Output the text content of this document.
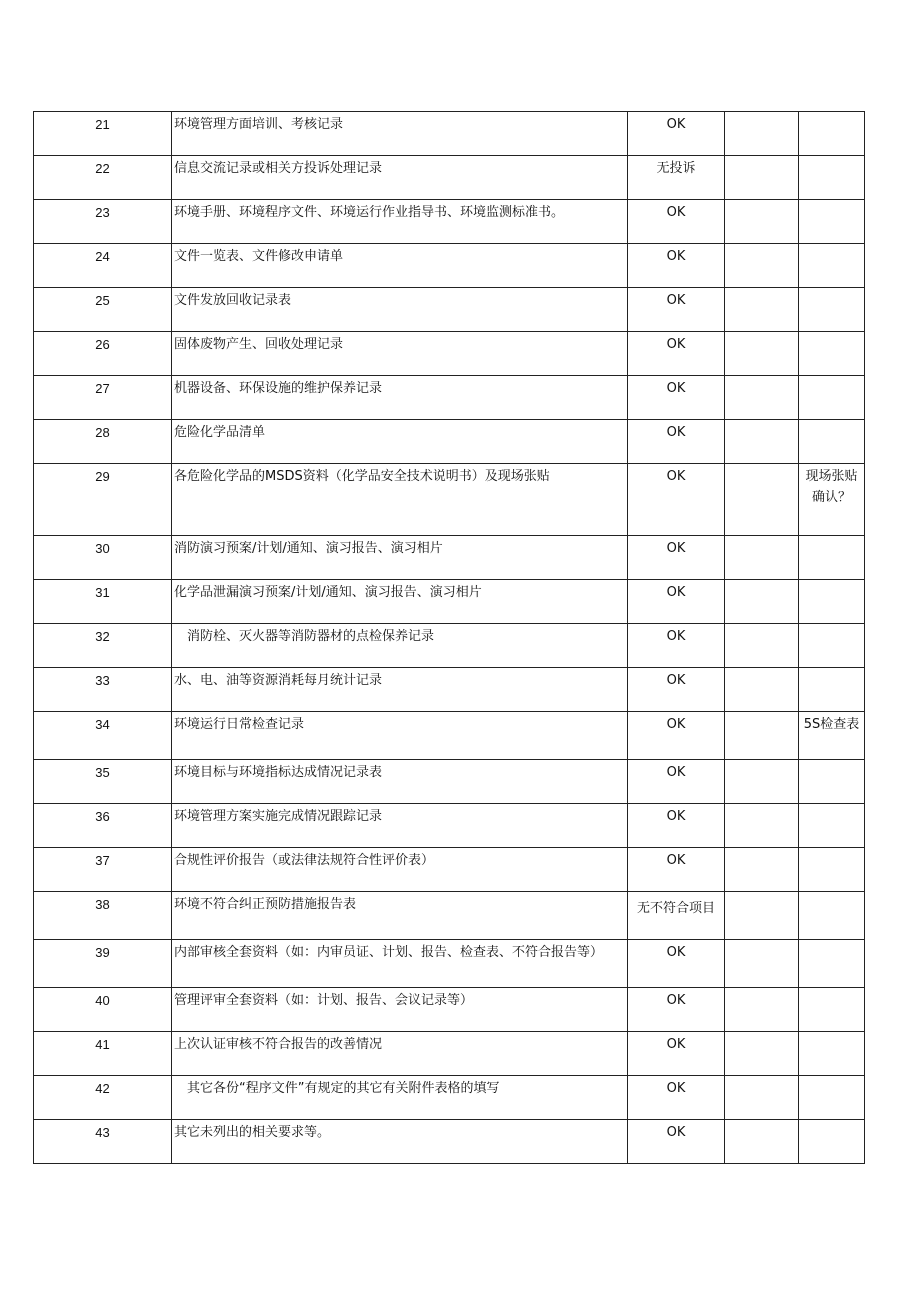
21	环境管理方面培训、考核记录	OK		
22	信息交流记录或相关方投诉处理记录	无投诉		
23	环境手册、环境程序文件、环境运行作业指导书、环境监测标准书。	OK		
24	文件一览表、文件修改申请单	OK		
25	文件发放回收记录表	OK		
26	固体废物产生、回收处理记录	OK		
27	机器设备、环保设施的维护保养记录	OK		
28	危险化学品清单	OK		
29	各危险化学品的MSDS资料（化学品安全技术说明书）及现场张贴	OK		现场张贴确认？
30	消防演习预案/计划/通知、演习报告、演习相片	OK		
31	化学品泄漏演习预案/计划/通知、演习报告、演习相片	OK		
32	消防栓、灭火器等消防器材的点检保养记录	OK		
33	水、电、油等资源消耗每月统计记录	OK		
34	环境运行日常检查记录	OK		5S检查表
35	环境目标与环境指标达成情况记录表	OK		
36	环境管理方案实施完成情况跟踪记录	OK		
37	合规性评价报告（或法律法规符合性评价表）	OK		
38	环境不符合纠正预防措施报告表	无不符合项目		
39	内部审核全套资料（如：内审员证、计划、报告、检查表、不符合报告等）	OK		
40	管理评审全套资料（如：计划、报告、会议记录等）	OK		
41	上次认证审核不符合报告的改善情况	OK		
42	其它各份“程序文件”有规定的其它有关附件表格的填写	OK		
43	其它未列出的相关要求等。	OK		
